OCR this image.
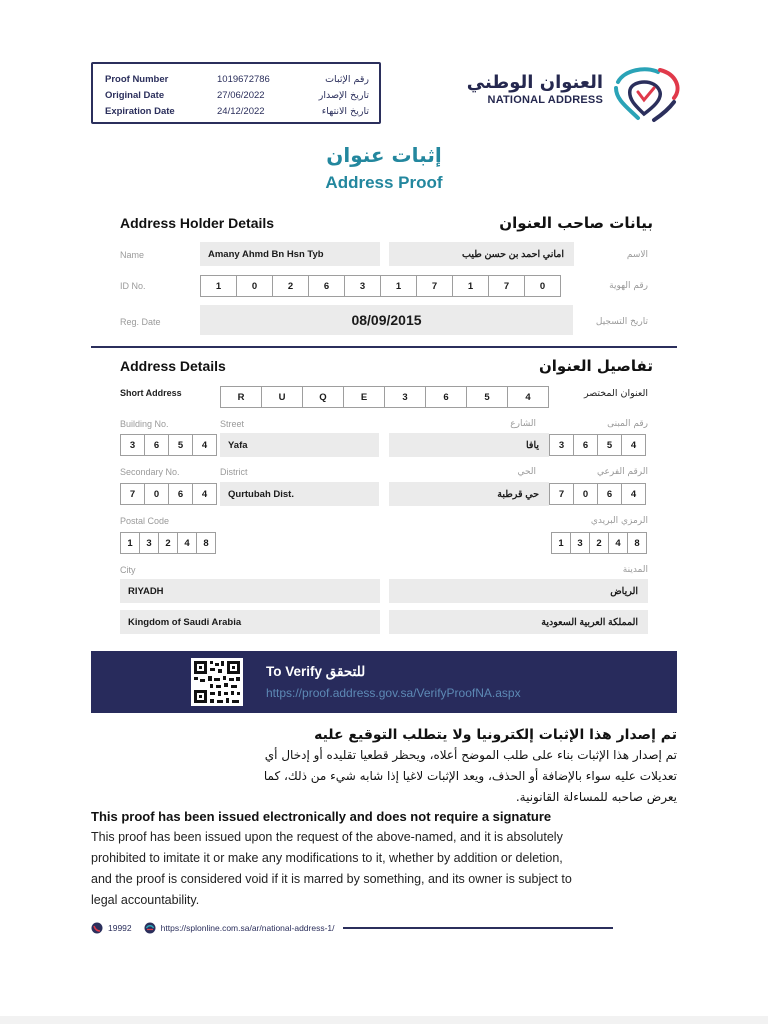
Proof Number	1019672786	رقم الإثبات
Original Date	27/06/2022	تاريخ الإصدار
Expiration Date	24/12/2022	تاريخ الانتهاء
العنوان الوطني
NATIONAL ADDRESS
إثبات عنوان
Address Proof
Address Holder Details	بيانات صاحب العنوان
Name	Amany Ahmd Bn Hsn Tyb	اماني احمد بن حسن طيب	الاسم
ID No.	1	0	2	6	3	1	7	1	7	0	رقم الهوية
Reg. Date	08/09/2015	تاريخ التسجيل
Address Details	تفاصيل العنوان
Short Address	R	U	Q	E	3	6	5	4	العنوان المختصر
Building No.	Street	الشارع	رقم المبنى
3	6	5	4	Yafa	يافا	3	6	5	4
Secondary No.	District	الحي	الرقم الفرعي
7	0	6	4	Qurtubah Dist.	حي قرطبة	7	0	6	4
Postal Code	الرمزي البريدي
1	3	2	4	8	1	3	2	4	8
City	المدينة
RIYADH	الرياض
Kingdom of Saudi Arabia	المملكة العربية السعودية
To Verify للتحقق
https://proof.address.gov.sa/VerifyProofNA.aspx
تم إصدار هذا الإثبات إلكترونيا ولا يتطلب التوقيع عليه
تم إصدار هذا الإثبات بناء على طلب الموضح أعلاه، ويحظر قطعيا تقليده أو إدخال أي
تعديلات عليه سواء بالإضافة أو الحذف، ويعد الإثبات لاغيا إذا شابه شيء من ذلك، كما
يعرض صاحبه للمساءلة القانونية.
This proof has been issued electronically and does not require a signature
This proof has been issued upon the request of the above-named, and it is absolutely
prohibited to imitate it or make any modifications to it, whether by addition or deletion,
and the proof is considered void if it is marred by something, and its owner is subject to
legal accountability.
19992	https://splonline.com.sa/ar/national-address-1/
